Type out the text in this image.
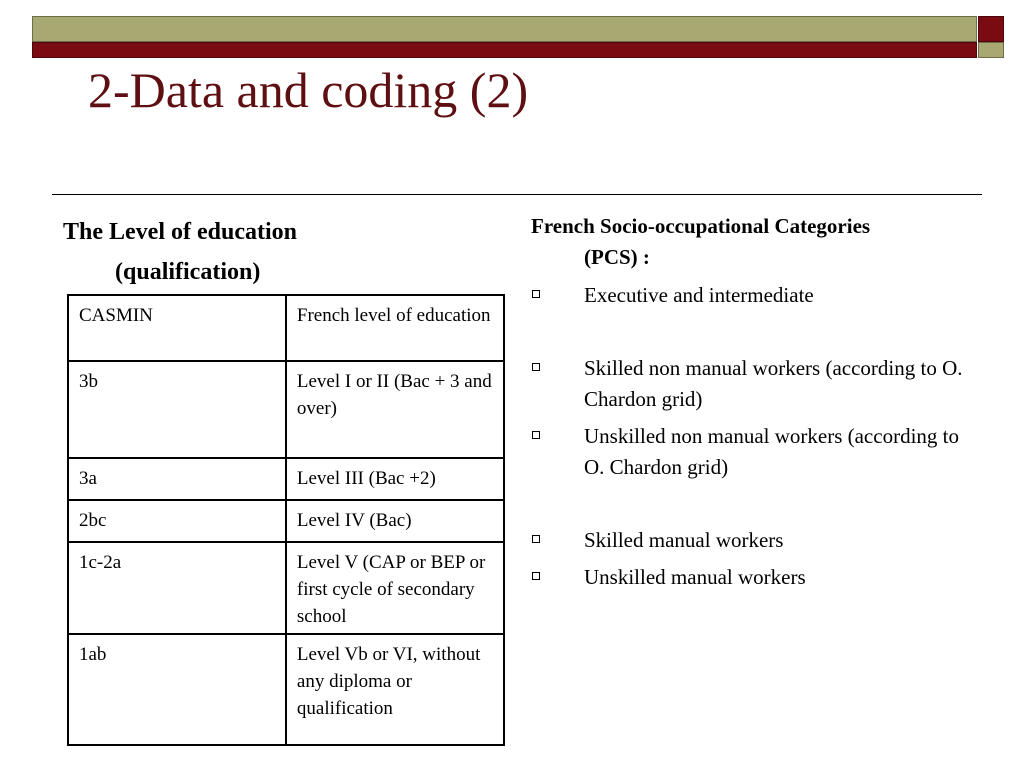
2-Data and coding (2)
The Level of education
(qualification)
CASMIN	French level of education
3b	Level I or II (Bac + 3 and over)
3a	Level III (Bac +2)
2bc	Level IV (Bac)
1c-2a	Level V (CAP or BEP or first cycle of secondary school
1ab	Level Vb or VI, without any diploma or qualification
French Socio-occupational Categories
(PCS) :
Executive and intermediate
Skilled non manual workers (according to O. Chardon grid)
Unskilled non manual workers (according to O. Chardon grid)
Skilled manual workers
Unskilled manual workers
